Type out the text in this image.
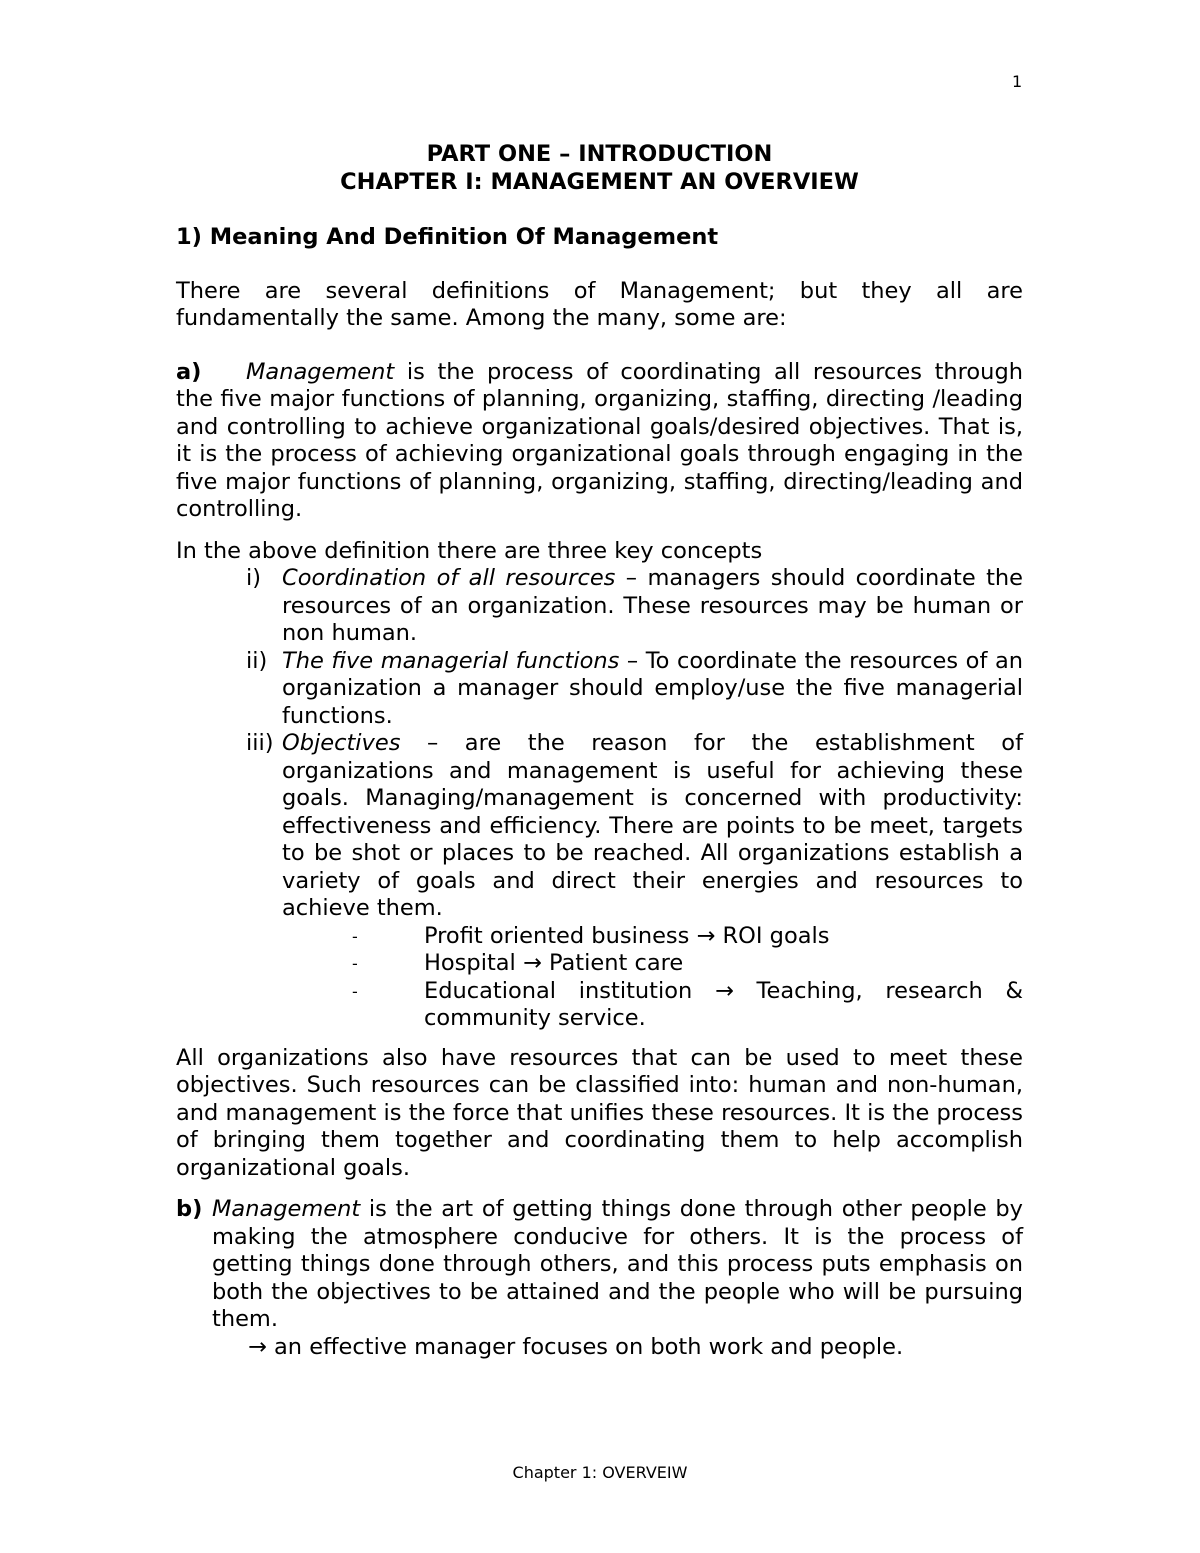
1
PART ONE – INTRODUCTION
CHAPTER I: MANAGEMENT AN OVERVIEW
1) Meaning And Definition Of Management

There are several definitions of Management; but they all are fundamentally the same. Among the many, some are:

a)	Management is the process of coordinating all resources through the five major functions of planning, organizing, staffing, directing /leading and controlling to achieve organizational goals/desired objectives. That is, it is the process of achieving organizational goals through engaging in the five major functions of planning, organizing, staffing, directing/leading and controlling.

In the above definition there are three key concepts

i) Coordination of all resources – managers should coordinate the resources of an organization. These resources may be human or non human.
ii) The five managerial functions – To coordinate the resources of an organization a manager should employ/use the five managerial functions.
iii) Objectives – are the reason for the establishment of organizations and management is useful for achieving these goals. Managing/management is concerned with productivity: effectiveness and efficiency. There are points to be meet, targets to be shot or places to be reached. All organizations establish a variety of goals and direct their energies and resources to achieve them.
-	Profit oriented business → ROI goals
-	Hospital → Patient care
-	Educational institution → Teaching, research & community service.

All organizations also have resources that can be used to meet these objectives. Such resources can be classified into: human and non-human, and management is the force that unifies these resources. It is the process of bringing them together and coordinating them to help accomplish organizational goals.

b) Management is the art of getting things done through other people by making the atmosphere conducive for others. It is the process of getting things done through others, and this process puts emphasis on both the objectives to be attained and the people who will be pursuing them.

→ an effective manager focuses on both work and people.

Chapter 1: OVERVEIW
